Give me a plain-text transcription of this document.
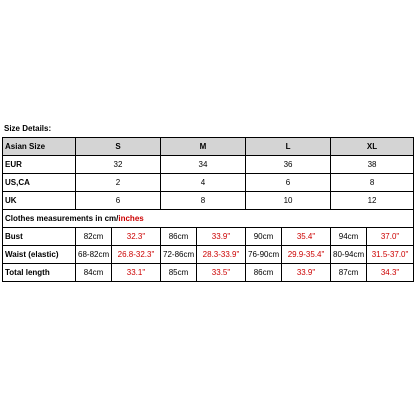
Size Details:
Asian Size	S		M		L		XL	
EUR	32		34		36		38	
US,CA	2		4		6		8	
UK	6		8		10		12	
Clothes measurements in cm/inches								
Bust	82cm	32.3"	86cm	33.9"	90cm	35.4"	94cm	37.0"
Waist (elastic)	68-82cm	26.8-32.3"	72-86cm	28.3-33.9"	76-90cm	29.9-35.4"	80-94cm	31.5-37.0"
Total length	84cm	33.1"	85cm	33.5"	86cm	33.9"	87cm	34.3"
